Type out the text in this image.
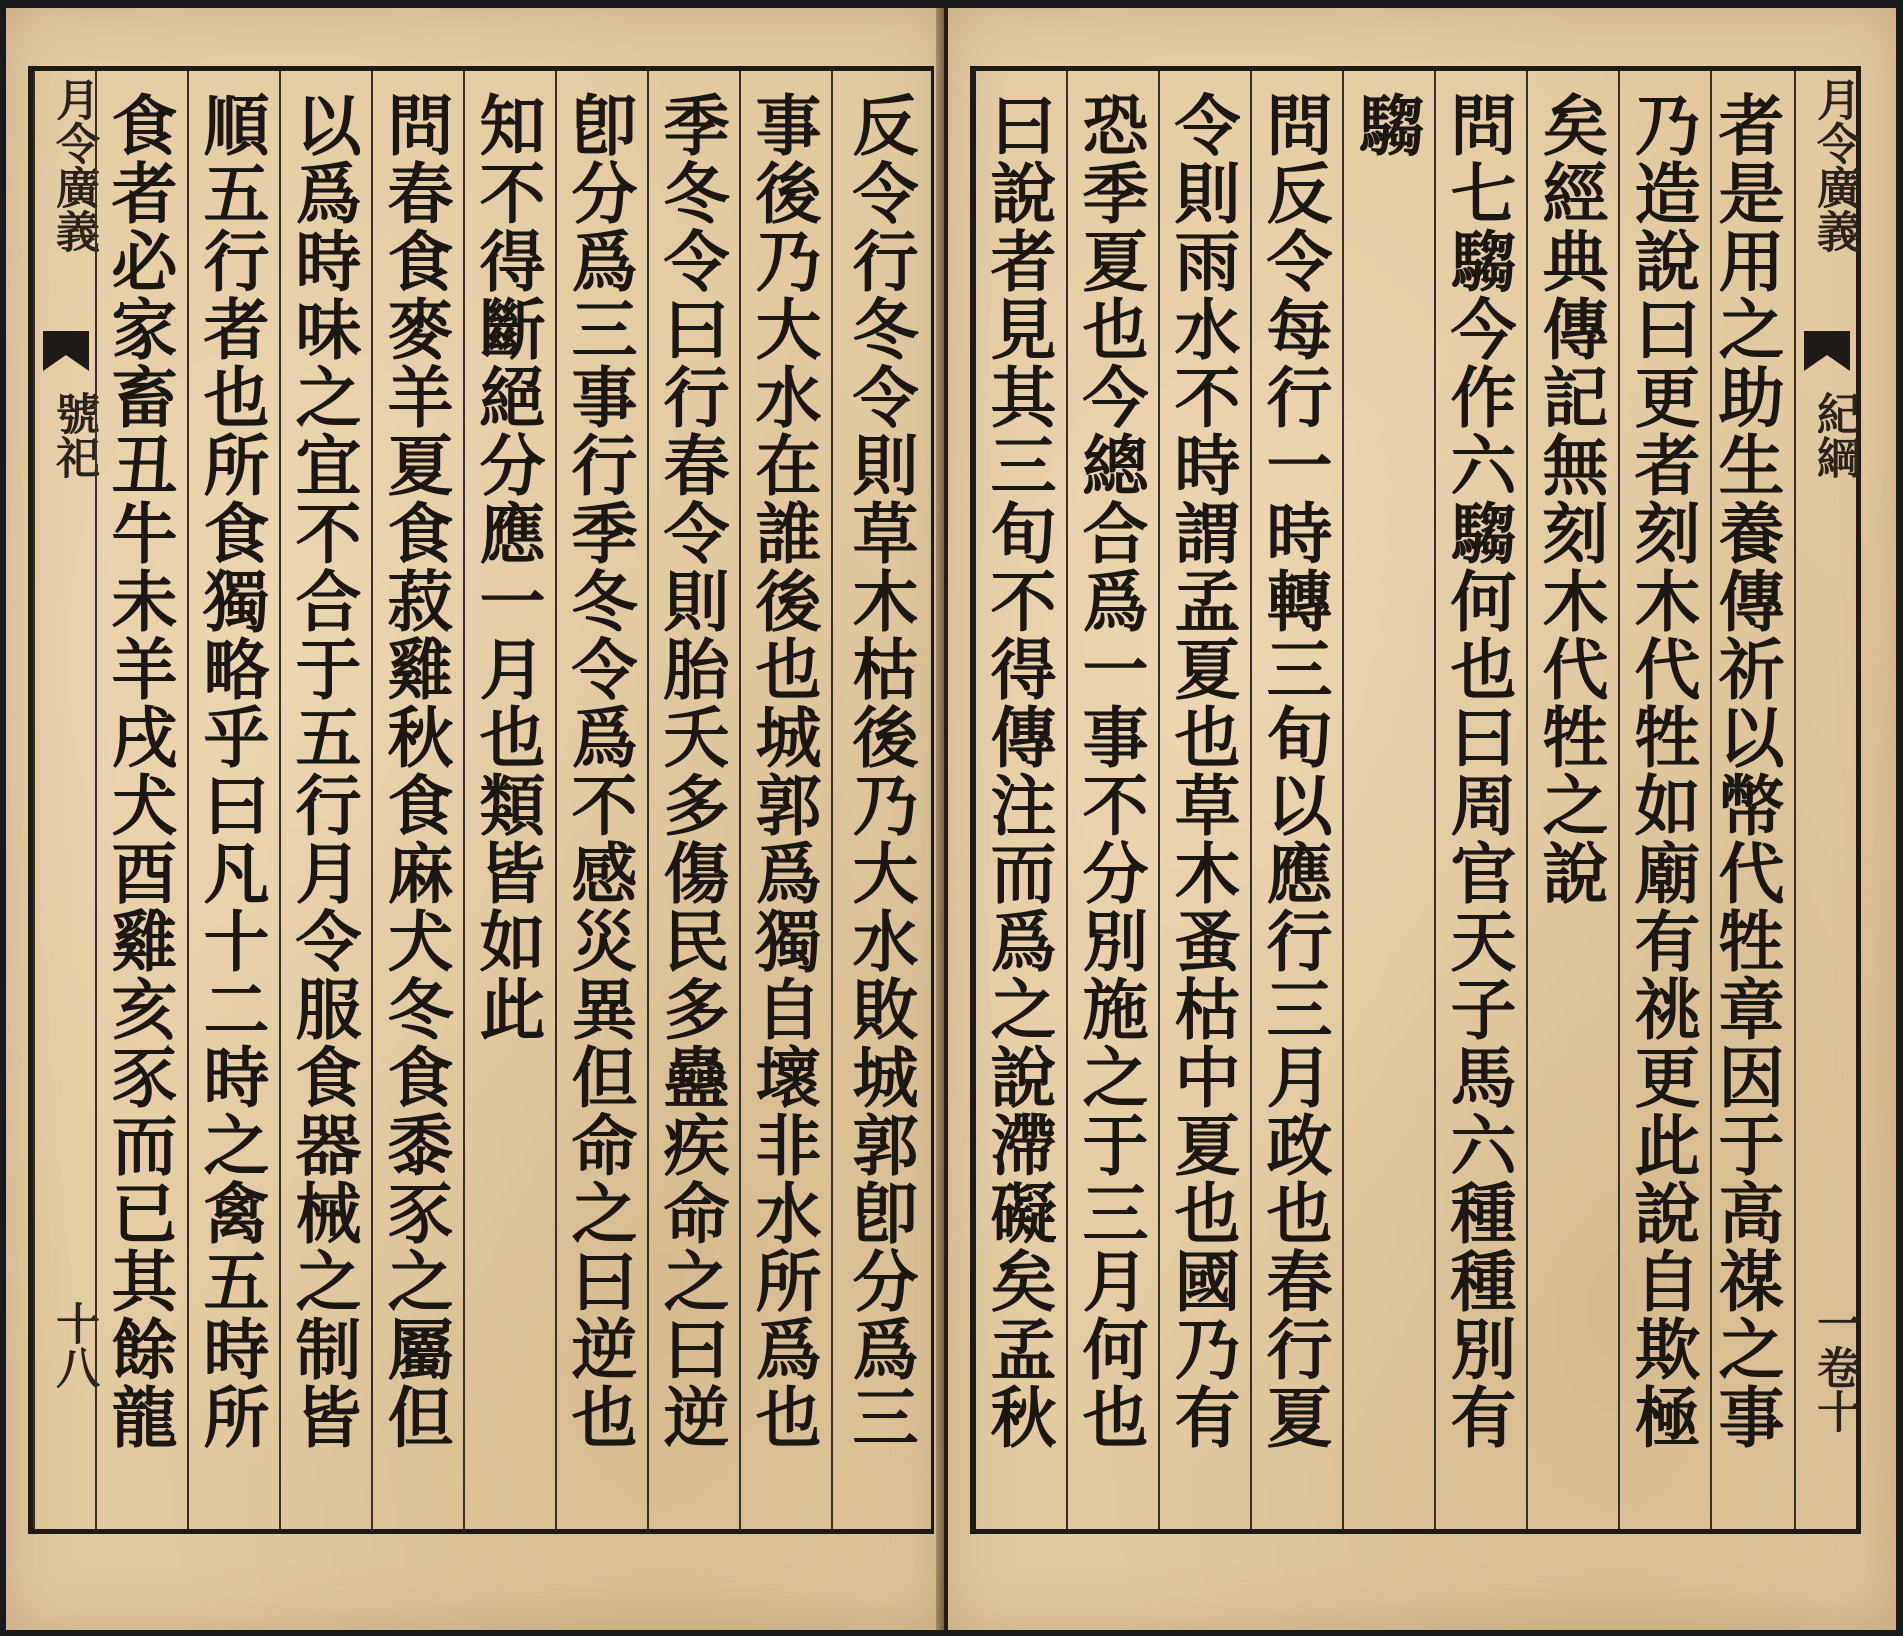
月令廣義
號祀
十八 食者必家畜丑牛未羊戌犬酉雞亥豕而已其餘龍 順五行者也所食獨略乎曰凡十二時之禽五時所 以爲時味之宜不合于五行月令服食器械之制皆 問春食麥羊夏食菽雞秋食麻犬冬食黍豕之屬但 知不得斷絕分應一月也類皆如此 卽分爲三事行季冬令爲不感災異但命之曰逆也 季冬令曰行春令則胎夭多傷民多蠱疾命之曰逆 事後乃大水在誰後也城郭爲獨自壞非水所爲也 反令行冬令則草木枯後乃大水敗城郭卽分爲三 曰說者見其三旬不得傳注而爲之說滯礙矣孟秋 恐季夏也今總合爲一事不分別施之于三月何也 令則雨水不時謂孟夏也草木蚤枯中夏也國乃有 問反令每行一時轉三旬以應行三月政也春行夏 騶 問七騶今作六騶何也曰周官天子馬六種種別有 矣經典傳記無刻木代牲之說 乃造說曰更者刻木代牲如廟有祧更此說自欺極 者是用之助生養傳祈以幣代牲章因于高禖之事 月令廣義
紀綱
一卷十
